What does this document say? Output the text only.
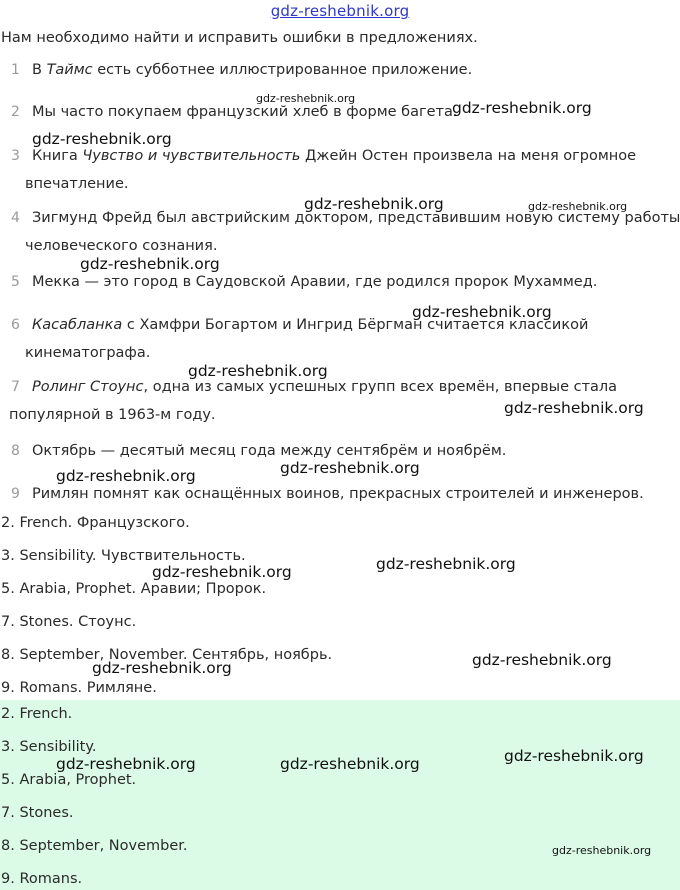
gdz-reshebnik.org
Нам необходимо найти и исправить ошибки в предложениях.
1 В Таймс есть субботнее иллюстрированное приложение.
2 Мы часто покупаем французский хлеб в форме багета.
3 Книга Чувство и чувствительность Джейн Остен произвела на меня огромное
впечатление.
4 Зигмунд Фрейд был австрийским доктором, представившим новую систему работы
человеческого сознания.
5 Мекка — это город в Саудовской Аравии, где родился пророк Мухаммед.
6 Касабланка с Хамфри Богартом и Ингрид Бёргман считается классикой
кинематографа.
7 Ролинг Стоунс, одна из самых успешных групп всех времён, впервые стала
популярной в 1963-м году.
8 Октябрь — десятый месяц года между сентябрём и ноябрём.
9 Римлян помнят как оснащённых воинов, прекрасных строителей и инженеров.
2. French. Французского.
3. Sensibility. Чувствительность.
5. Arabia, Prophet. Аравии; Пророк.
7. Stones. Стоунс.
8. September, November. Сентябрь, ноябрь.
9. Romans. Римляне.
2. French.
3. Sensibility.
5. Arabia, Prophet.
7. Stones.
8. September, November.
9. Romans.
gdz-reshebnik.org
gdz-reshebnik.org
gdz-reshebnik.org
gdz-reshebnik.org	gdz-reshebnik.org
gdz-reshebnik.org
gdz-reshebnik.org
gdz-reshebnik.org
gdz-reshebnik.org
gdz-reshebnik.org
gdz-reshebnik.org
gdz-reshebnik.org
gdz-reshebnik.org
gdz-reshebnik.org
gdz-reshebnik.org
gdz-reshebnik.org
gdz-reshebnik.org	gdz-reshebnik.org
gdz-reshebnik.org
